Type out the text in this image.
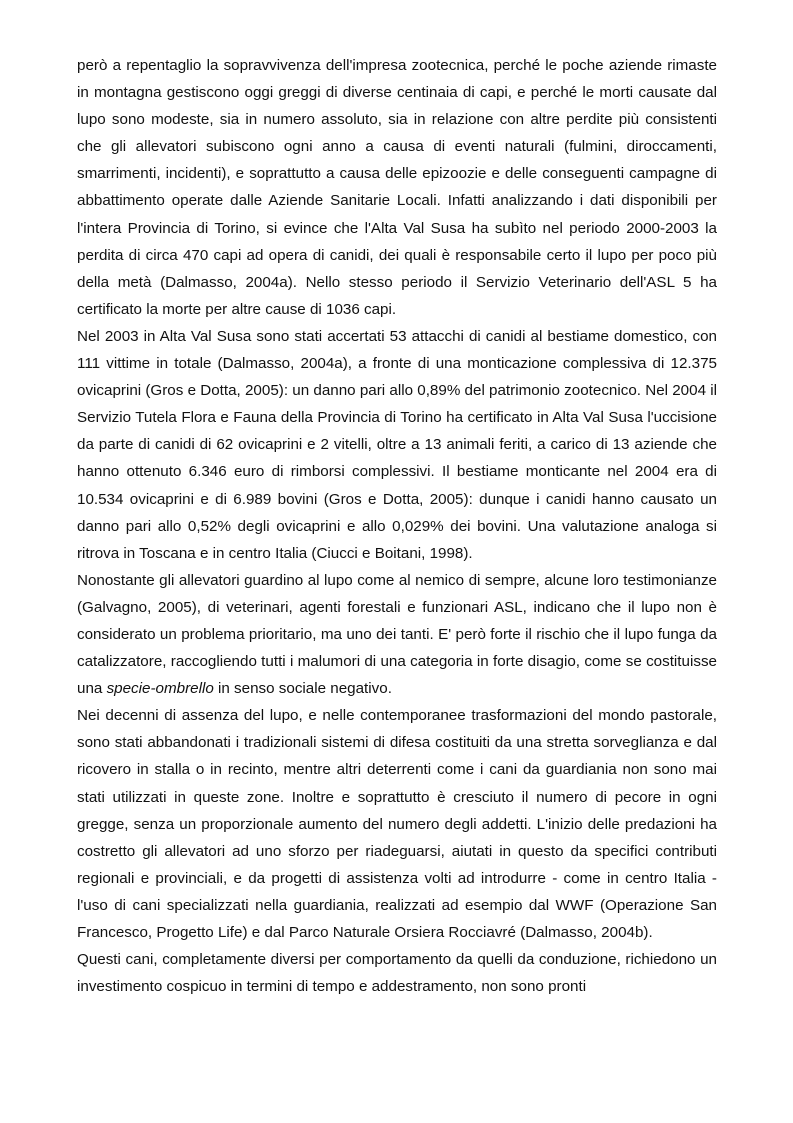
però a repentaglio la sopravvivenza dell'impresa zootecnica, perché le poche aziende rimaste in montagna gestiscono oggi greggi di diverse centinaia di capi, e perché le morti causate dal lupo sono modeste, sia in numero assoluto, sia in relazione con altre perdite più consistenti che gli allevatori subiscono ogni anno a causa di eventi naturali (fulmini, diroccamenti, smarrimenti, incidenti), e soprattutto a causa delle epizoozie e delle conseguenti campagne di abbattimento operate dalle Aziende Sanitarie Locali. Infatti analizzando i dati disponibili per l'intera Provincia di Torino, si evince che l'Alta Val Susa ha subìto nel periodo 2000-2003 la perdita di circa 470 capi ad opera di canidi, dei quali è responsabile certo il lupo per poco più della metà (Dalmasso, 2004a). Nello stesso periodo il Servizio Veterinario dell'ASL 5 ha certificato la morte per altre cause di 1036 capi.

Nel 2003 in Alta Val Susa sono stati accertati 53 attacchi di canidi al bestiame domestico, con 111 vittime in totale (Dalmasso, 2004a), a fronte di una monticazione complessiva di 12.375 ovicaprini (Gros e Dotta, 2005): un danno pari allo 0,89% del patrimonio zootecnico. Nel 2004 il Servizio Tutela Flora e Fauna della Provincia di Torino ha certificato in Alta Val Susa l'uccisione da parte di canidi di 62 ovicaprini e 2 vitelli, oltre a 13 animali feriti, a carico di 13 aziende che hanno ottenuto 6.346 euro di rimborsi complessivi. Il bestiame monticante nel 2004 era di 10.534 ovicaprini e di 6.989 bovini (Gros e Dotta, 2005): dunque i canidi hanno causato un danno pari allo 0,52% degli ovicaprini e allo 0,029% dei bovini. Una valutazione analoga si ritrova in Toscana e in centro Italia (Ciucci e Boitani, 1998).

Nonostante gli allevatori guardino al lupo come al nemico di sempre, alcune loro testimonianze (Galvagno, 2005), di veterinari, agenti forestali e funzionari ASL, indicano che il lupo non è considerato un problema prioritario, ma uno dei tanti. E' però forte il rischio che il lupo funga da catalizzatore, raccogliendo tutti i malumori di una categoria in forte disagio, come se costituisse una specie-ombrello in senso sociale negativo.

Nei decenni di assenza del lupo, e nelle contemporanee trasformazioni del mondo pastorale, sono stati abbandonati i tradizionali sistemi di difesa costituiti da una stretta sorveglianza e dal ricovero in stalla o in recinto, mentre altri deterrenti come i cani da guardiania non sono mai stati utilizzati in queste zone. Inoltre e soprattutto è cresciuto il numero di pecore in ogni gregge, senza un proporzionale aumento del numero degli addetti. L'inizio delle predazioni ha costretto gli allevatori ad uno sforzo per riadeguarsi, aiutati in questo da specifici contributi regionali e provinciali, e da progetti di assistenza volti ad introdurre - come in centro Italia - l'uso di cani specializzati nella guardiania, realizzati ad esempio dal WWF (Operazione San Francesco, Progetto Life) e dal Parco Naturale Orsiera Rocciavré (Dalmasso, 2004b).

Questi cani, completamente diversi per comportamento da quelli da conduzione, richiedono un investimento cospicuo in termini di tempo e addestramento, non sono pronti
